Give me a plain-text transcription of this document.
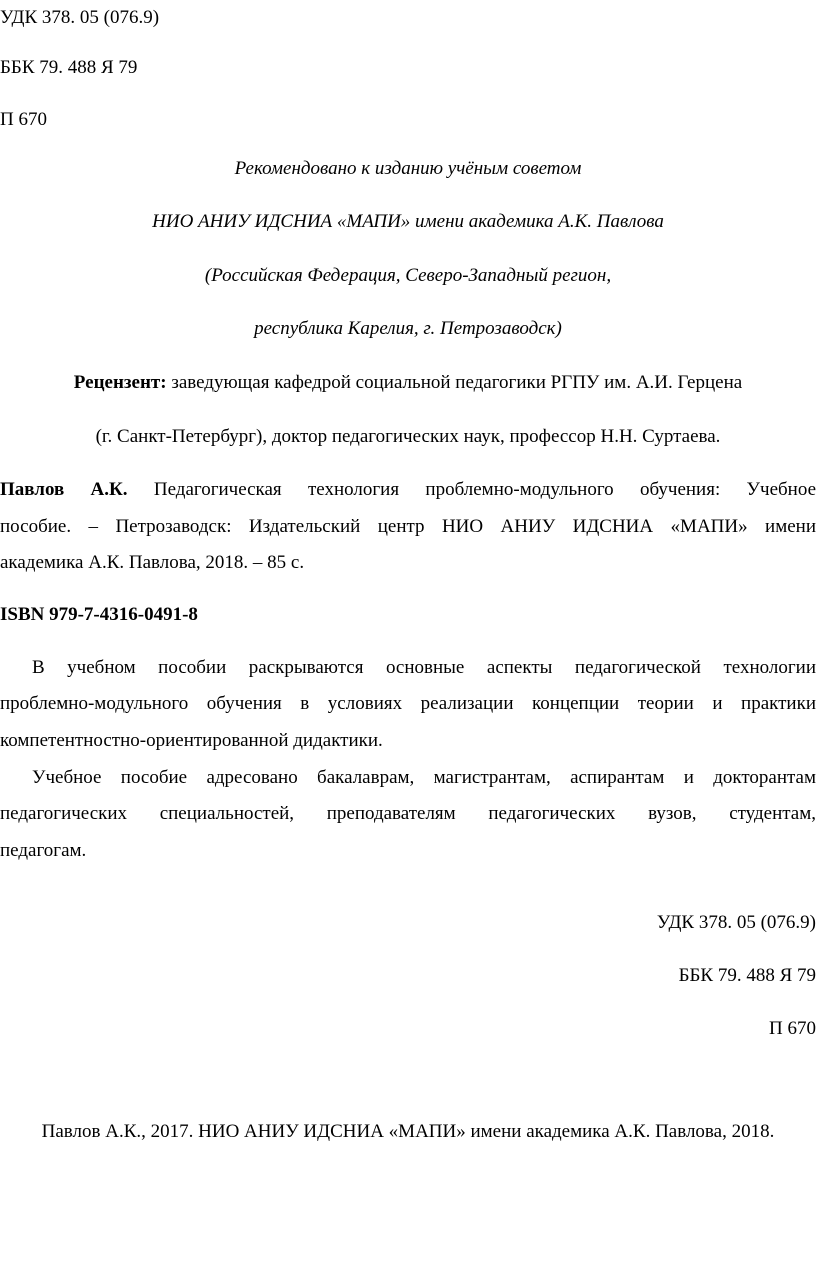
УДК 378. 05 (076.9)
ББК 79. 488 Я 79
П 670
Рекомендовано к изданию учёным советом
НИО АНИУ ИДСНИА «МАПИ» имени академика А.К. Павлова
(Российская Федерация, Северо-Западный регион,
республика Карелия, г. Петрозаводск)
Рецензент: заведующая кафедрой социальной педагогики РГПУ им. А.И. Герцена
(г. Санкт-Петербург), доктор педагогических наук, профессор Н.Н. Суртаева.
Павлов А.К. Педагогическая технология проблемно-модульного обучения: Учебное
пособие. – Петрозаводск: Издательский центр НИО АНИУ ИДСНИА «МАПИ» имени
академика А.К. Павлова, 2018. – 85 с.
ISBN 979-7-4316-0491-8
В учебном пособии раскрываются основные аспекты педагогической технологии
проблемно-модульного обучения в условиях реализации концепции теории и практики
компетентностно-ориентированной дидактики.
Учебное пособие адресовано бакалаврам, магистрантам, аспирантам и докторантам
педагогических специальностей, преподавателям педагогических вузов, студентам,
педагогам.
УДК 378. 05 (076.9)
ББК 79. 488 Я 79
П 670
Павлов А.К., 2017. НИО АНИУ ИДСНИА «МАПИ» имени академика А.К. Павлова, 2018.
